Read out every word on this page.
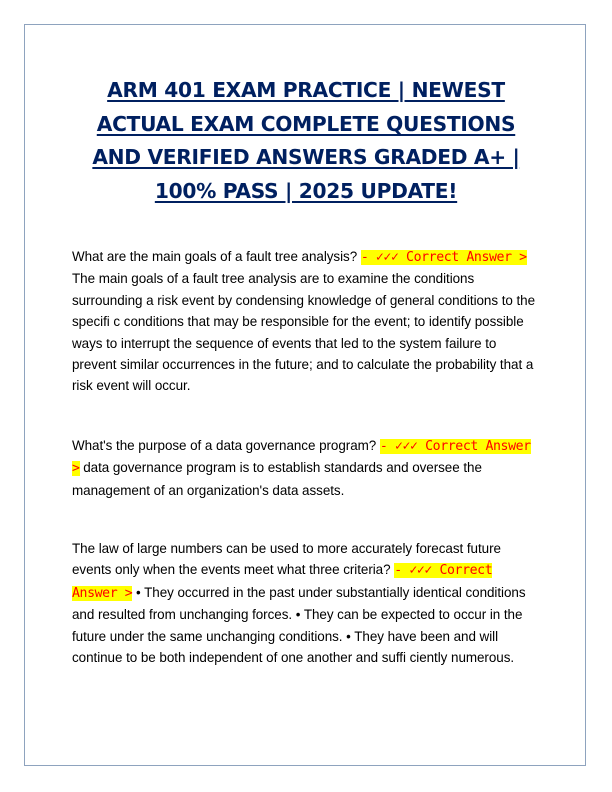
ARM 401 EXAM PRACTICE | NEWEST ACTUAL EXAM COMPLETE QUESTIONS AND VERIFIED ANSWERS GRADED A+ | 100% PASS | 2025 UPDATE!

What are the main goals of a fault tree analysis? - ✓✓✓ Correct Answer > The main goals of a fault tree analysis are to examine the conditions surrounding a risk event by condensing knowledge of general conditions to the specifi c conditions that may be responsible for the event; to identify possible ways to interrupt the sequence of events that led to the system failure to prevent similar occurrences in the future; and to calculate the probability that a risk event will occur.

What's the purpose of a data governance program? - ✓✓✓ Correct Answer > data governance program is to establish standards and oversee the management of an organization's data assets.

The law of large numbers can be used to more accurately forecast future events only when the events meet what three criteria? - ✓✓✓ Correct Answer > • They occurred in the past under substantially identical conditions and resulted from unchanging forces. • They can be expected to occur in the future under the same unchanging conditions. • They have been and will continue to be both independent of one another and suffi ciently numerous.
